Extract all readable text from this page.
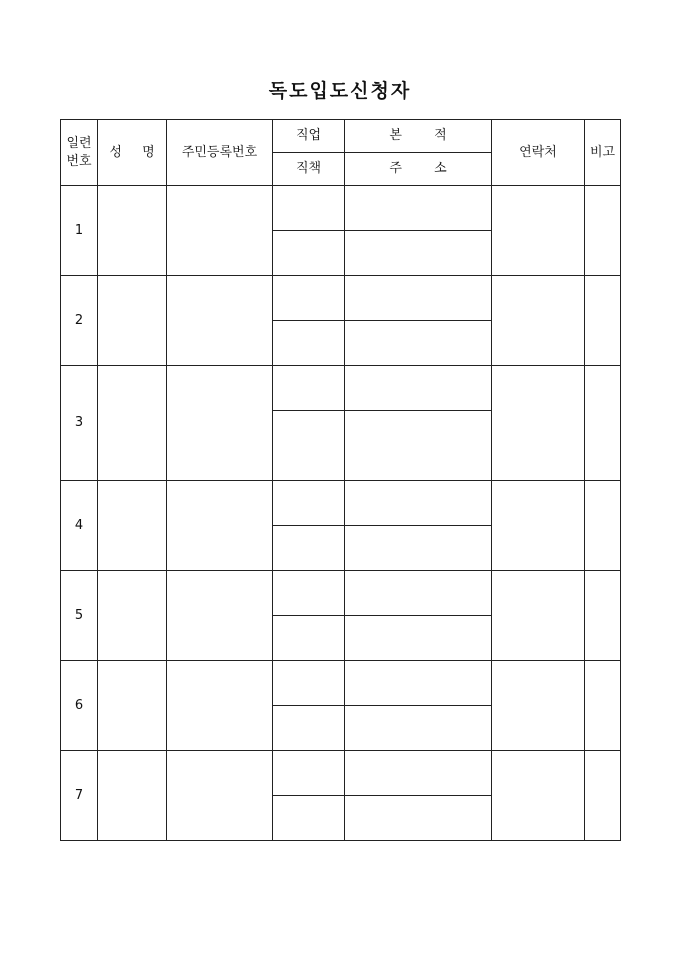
독도입도신청자
일련
번호	성 명	주민등록번호	직업	본 적	연락처	비고
			직책	주 소		
1						

2						

3						

4						

5						

6						

7						
